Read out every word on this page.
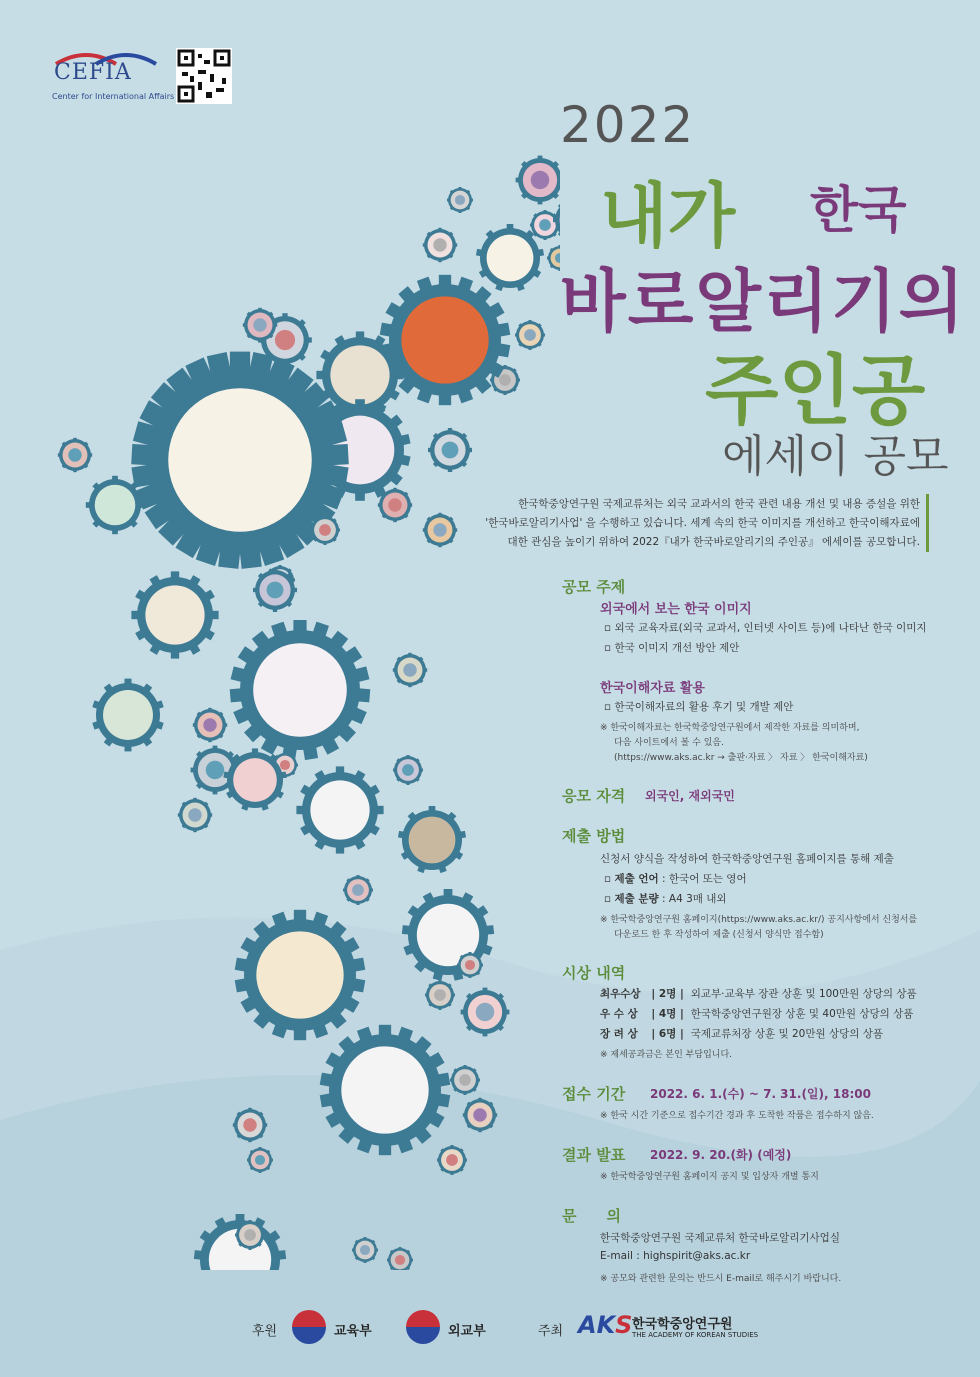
CEFIA
Center for International Affairs	2022
내가 한국
바로알리기의
주인공
에세이 공모
한국학중앙연구원 국제교류처는 외국 교과서의 한국 관련 내용 개선 및 내용 증설을 위한
'한국바로알리기사업' 을 수행하고 있습니다. 세계 속의 한국 이미지를 개선하고 한국이해자료에
대한 관심을 높이기 위하여 2022『내가 한국바로알리기의 주인공』 에세이를 공모합니다.
공모 주제
외국에서 보는 한국 이미지
▫ 외국 교육자료(외국 교과서, 인터넷 사이트 등)에 나타난 한국 이미지
▫ 한국 이미지 개선 방안 제안
한국이해자료 활용
▫ 한국이해자료의 활용 후기 및 개발 제안
※ 한국이해자료는 한국학중앙연구원에서 제작한 자료를 의미하며,
다음 사이트에서 볼 수 있음.
(https://www.aks.ac.kr → 출판·자료 〉 자료 〉 한국이해자료)
응모 자격 외국인, 재외국민
제출 방법
신청서 양식을 작성하여 한국학중앙연구원 홈페이지를 통해 제출
▫ 제출 언어 : 한국어 또는 영어
▫ 제출 분량 : A4 3매 내외
※ 한국학중앙연구원 홈페이지(https://www.aks.ac.kr/) 공지사항에서 신청서를
다운로드 한 후 작성하여 제출 (신청서 양식만 접수함)
시상 내역
최우수상 | 2명 | 외교부·교육부 장관 상훈 및 100만원 상당의 상품
우 수 상 | 4명 | 한국학중앙연구원장 상훈 및 40만원 상당의 상품
장 려 상 | 6명 | 국제교류처장 상훈 및 20만원 상당의 상품
※ 제세공과금은 본인 부담입니다.
접수 기간 2022. 6. 1.(수) ~ 7. 31.(일), 18:00
※ 한국 시간 기준으로 접수기간 경과 후 도착한 작품은 접수하지 않음.
결과 발표 2022. 9. 20.(화) (예정)
※ 한국학중앙연구원 홈페이지 공지 및 입상자 개별 통지
문　　의
한국학중앙연구원 국제교류처 한국바로알리기사업실
E-mail : highspirit@aks.ac.kr
※ 공모와 관련한 문의는 반드시 E-mail로 해주시기 바랍니다.
후원	교육부	외교부	주최 AKS 한국학중앙연구원
THE ACADEMY OF KOREAN STUDIES
